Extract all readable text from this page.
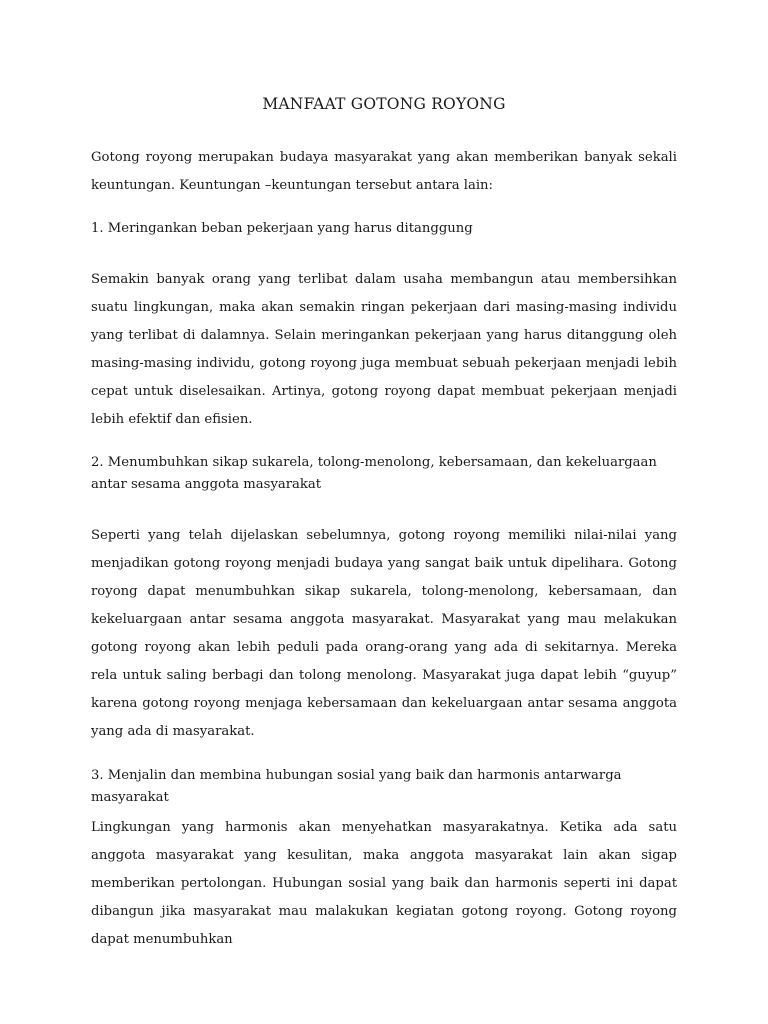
MANFAAT GOTONG ROYONG

Gotong royong merupakan budaya masyarakat yang akan memberikan banyak sekali keuntungan. Keuntungan –keuntungan tersebut antara lain:

1. Meringankan beban pekerjaan yang harus ditanggung

Semakin banyak orang yang terlibat dalam usaha membangun atau membersihkan suatu lingkungan, maka akan semakin ringan pekerjaan dari masing-masing individu yang terlibat di dalamnya. Selain meringankan pekerjaan yang harus ditanggung oleh masing-masing individu, gotong royong juga membuat sebuah pekerjaan menjadi lebih cepat untuk diselesaikan. Artinya, gotong royong dapat membuat pekerjaan menjadi lebih efektif dan efisien.

2. Menumbuhkan sikap sukarela, tolong-menolong, kebersamaan, dan kekeluargaan antar sesama anggota masyarakat

Seperti yang telah dijelaskan sebelumnya, gotong royong memiliki nilai-nilai yang menjadikan gotong royong menjadi budaya yang sangat baik untuk dipelihara. Gotong royong dapat menumbuhkan sikap sukarela, tolong-menolong, kebersamaan, dan kekeluargaan antar sesama anggota masyarakat. Masyarakat yang mau melakukan gotong royong akan lebih peduli pada orang-orang yang ada di sekitarnya. Mereka rela untuk saling berbagi dan tolong menolong. Masyarakat juga dapat lebih “guyup” karena gotong royong menjaga kebersamaan dan kekeluargaan antar sesama anggota yang ada di masyarakat.

3. Menjalin dan membina hubungan sosial yang baik dan harmonis antarwarga masyarakat

Lingkungan yang harmonis akan menyehatkan masyarakatnya. Ketika ada satu anggota masyarakat yang kesulitan, maka anggota masyarakat lain akan sigap memberikan pertolongan. Hubungan sosial yang baik dan harmonis seperti ini dapat dibangun jika masyarakat mau malakukan kegiatan gotong royong. Gotong royong dapat menumbuhkan
